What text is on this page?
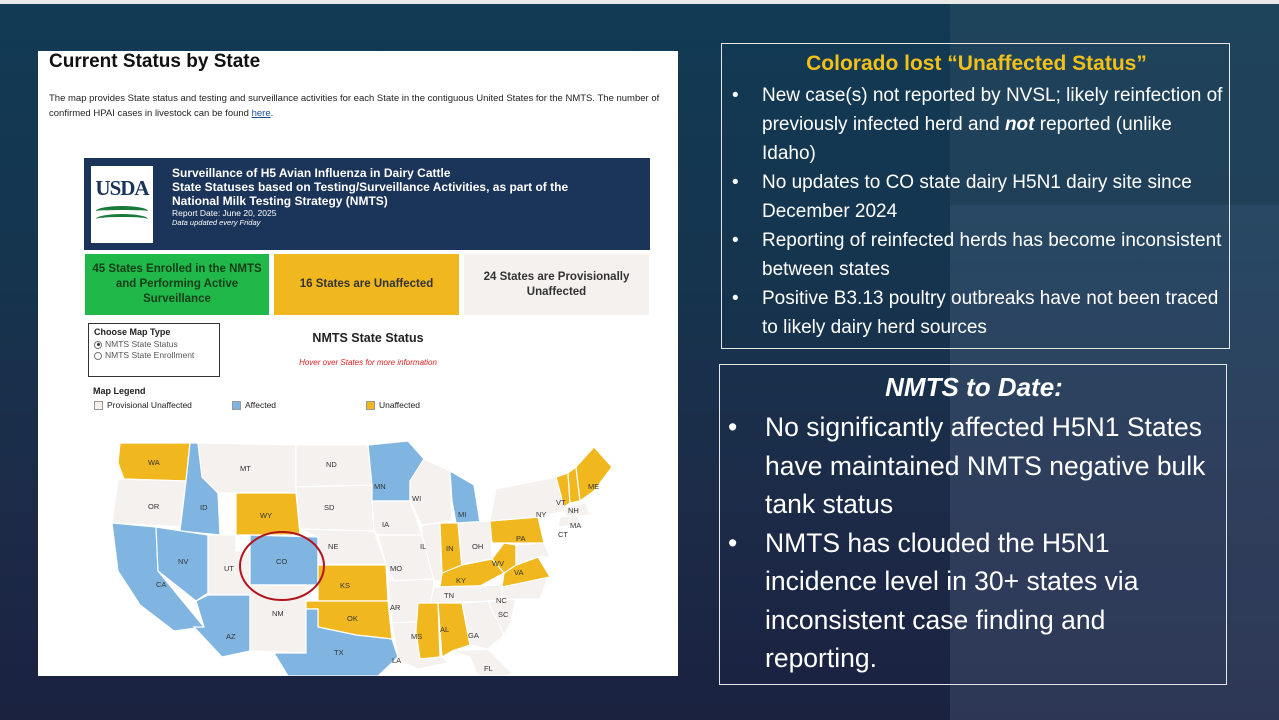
Current Status by State
The map provides State status and testing and surveillance activities for each State in the contiguous United States for the NMTS. The number of confirmed HPAI cases in livestock can be found here.
USDA
Surveillance of H5 Avian Influenza in Dairy Cattle
State Statuses based on Testing/Surveillance Activities, as part of the
National Milk Testing Strategy (NMTS)
Report Date: June 20, 2025
Data updated every Friday
45 States Enrolled in the NMTS and Performing Active Surveillance
16 States are Unaffected
24 States are Provisionally Unaffected
Choose Map Type
NMTS State Status
NMTS State Enrollment
NMTS State Status
Hover over States for more information
Map Legend
Provisional Unaffected	Affected	Unaffected
WA
OR
CA
ID
NV
MT
WY
UT
CO
AZ
NM
ND
SD
NE
KS
OK
TX
MN
IA
MO
AR
LA
WI
IL
MI
IN OH
KY
TN
MS
AL
GA
FL
SC
NC
VA
WV
PA
NY
VT
NH
ME
MA
CT
Colorado lost “Unaffected Status”
• New case(s) not reported by NVSL; likely reinfection of previously infected herd and not reported (unlike Idaho)
• No updates to CO state dairy H5N1 dairy site since December 2024
• Reporting of reinfected herds has become inconsistent between states
• Positive B3.13 poultry outbreaks have not been traced to likely dairy herd sources
NMTS to Date:
• No significantly affected H5N1 States have maintained NMTS negative bulk tank status
• NMTS has clouded the H5N1 incidence level in 30+ states via inconsistent case finding and reporting.
